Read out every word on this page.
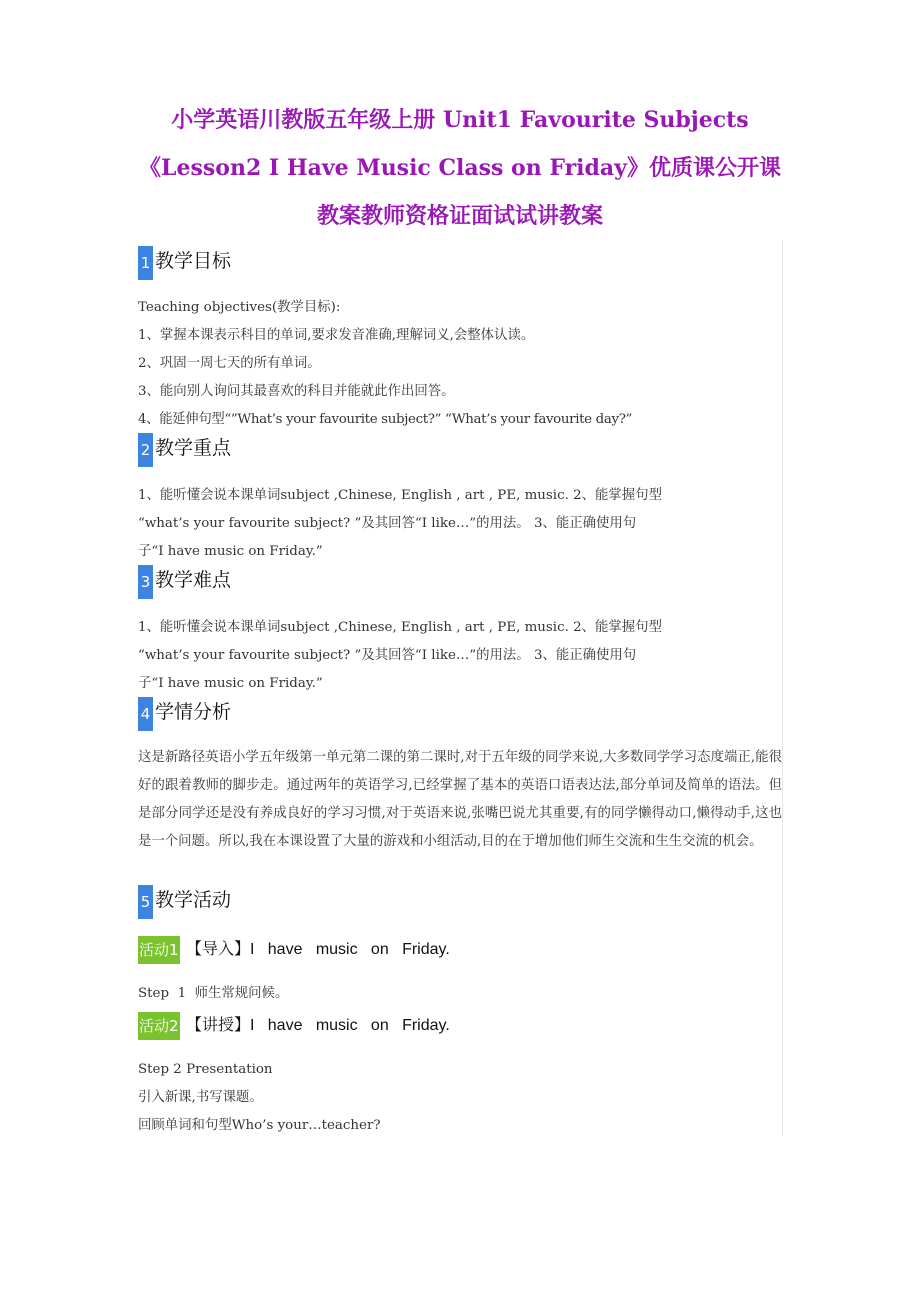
小学英语川教版五年级上册 Unit1 Favourite Subjects
《Lesson2 I Have Music Class on Friday》优质课公开课
教案教师资格证面试试讲教案
1 教学目标

Teaching objectives(教学目标):

1、掌握本课表示科目的单词,要求发音准确,理解词义,会整体认读。

2、巩固一周七天的所有单词。

3、能向别人询问其最喜欢的科目并能就此作出回答。

4、能延伸句型“”What’s your favourite subject?” “What’s your favourite day?”

2 教学重点

1、能听懂会说本课单词subject ,Chinese, English , art , PE, music. 2、能掌握句型

“what’s your favourite subject? ”及其回答“I like…”的用法。 3、能正确使用句

子“I have music on Friday.”

3 教学难点

1、能听懂会说本课单词subject ,Chinese, English , art , PE, music. 2、能掌握句型

“what’s your favourite subject? ”及其回答“I like…”的用法。 3、能正确使用句

子“I have music on Friday.”

4 学情分析

这是新路径英语小学五年级第一单元第二课的第二课时,对于五年级的同学来说,大多数同学学习态度端正,能很好的跟着教师的脚步走。通过两年的英语学习,已经掌握了基本的英语口语表达法,部分单词及简单的语法。但是部分同学还是没有养成良好的学习习惯,对于英语来说,张嘴巴说尤其重要,有的同学懒得动口,懒得动手,这也是一个问题。所以,我在本课设置了大量的游戏和小组活动,目的在于增加他们师生交流和生生交流的机会。

5 教学活动
活动1 【导入】I   have   music   on   Friday.

Step  1  师生常规问候。

活动2 【讲授】I   have   music   on   Friday.

Step 2 Presentation

引入新课,书写课题。

回顾单词和句型Who’s your…teacher?
